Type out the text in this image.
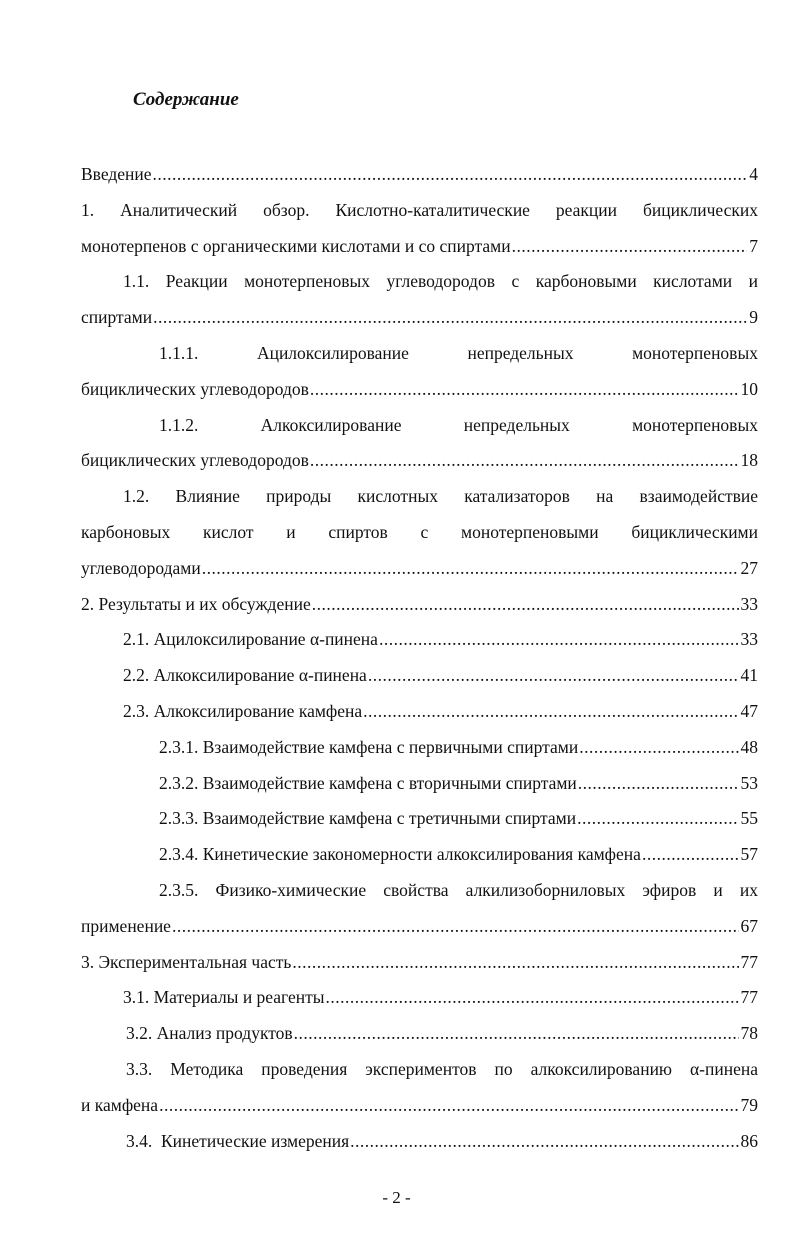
Содержание
Введение .....	4
1. Аналитический обзор. Кислотно-каталитические реакции бициклических
монотерпенов с органическими кислотами и со спиртами .....	7
1.1. Реакции монотерпеновых углеводородов с карбоновыми кислотами и
спиртами .....	9
1.1.1.	Ацилоксилирование	непредельных	монотерпеновых
бициклических углеводородов .....	10
1.1.2.	Алкоксилирование	непредельных	монотерпеновых
бициклических углеводородов .....	18
1.2. Влияние природы кислотных катализаторов на взаимодействие
карбоновых кислот и спиртов с монотерпеновыми бициклическими
углеводородами .....	27
2. Результаты и их обсуждение .....	33
2.1. Ацилоксилирование α-пинена .....	33
2.2. Алкоксилирование α-пинена .....	41
2.3. Алкоксилирование камфена .....	47
2.3.1. Взаимодействие камфена с первичными спиртами .....	48
2.3.2. Взаимодействие камфена с вторичными спиртами .....	53
2.3.3. Взаимодействие камфена с третичными спиртами .....	55
2.3.4. Кинетические закономерности алкоксилирования камфена .....	57
2.3.5. Физико-химические свойства алкилизоборниловых эфиров и их
применение .....	67
3. Экспериментальная часть .....	77
3.1. Материалы и реагенты .....	77
3.2. Анализ продуктов .....	78
3.3. Методика проведения экспериментов по алкоксилированию α-пинена
и камфена .....	79
3.4.  Кинетические измерения .....	86
- 2 -
